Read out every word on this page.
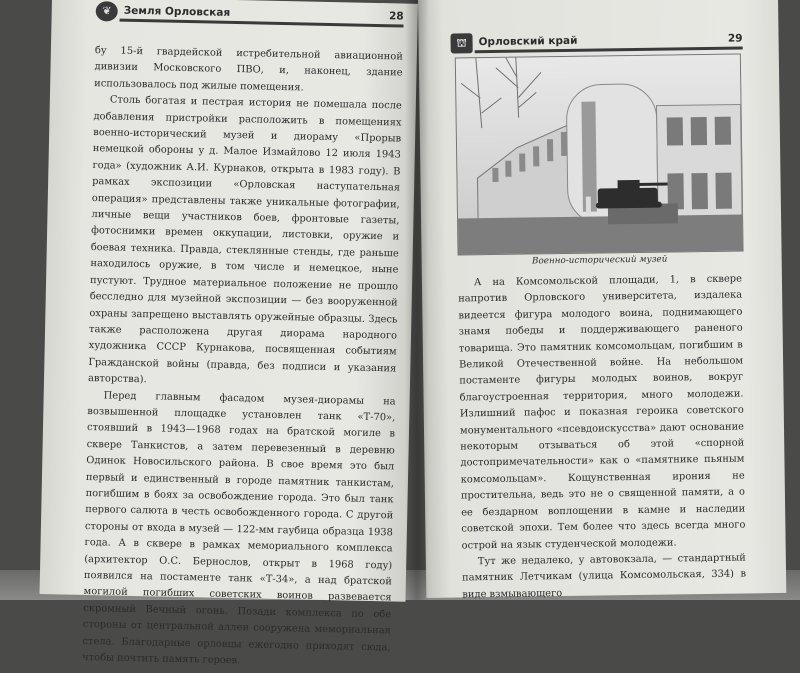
❦	Земля Орловская	28

бу 15-й гвардейской истребительной авиационной дивизии Московского ПВО, и, наконец, здание использовалось под жилые помещения.

Столь богатая и пестрая история не помешала после добавления пристройки расположить в помещениях военно-исторический музей и диораму «Прорыв немецкой обороны у д. Малое Измайлово 12 июля 1943 года» (художник А.И. Курнаков, открыта в 1983 году). В рамках экспозиции «Орловская наступательная операция» представлены также уникальные фотографии, личные вещи участников боев, фронтовые газеты, фотоснимки времен оккупации, листовки, оружие и боевая техника. Правда, стеклянные стенды, где раньше находилось оружие, в том числе и немецкое, ныне пустуют. Трудное материальное положение не прошло бесследно для музейной экспозиции — без вооруженной охраны запрещено выставлять оружейные образцы. Здесь также расположена другая диорама народного художника СССР Курнакова, посвященная событиям Гражданской войны (правда, без подписи и указания авторства).

Перед главным фасадом музея-диорамы на возвышенной площадке установлен танк «Т-70», стоявший в 1943—1968 годах на братской могиле в сквере Танкистов, а затем перевезенный в деревню Одинок Новосильского района. В свое время это был первый и единственный в городе памятник танкистам, погибшим в боях за освобождение города. Это был танк первого салюта в честь освобожденного города. С другой стороны от входа в музей — 122-мм гаубица образца 1938 года. А в сквере в рамках мемориального комплекса (архитектор О.С. Бернослов, открыт в 1968 году) появился на постаменте танк «Т-34», а над братской могилой погибших советских воинов развевается скромный Вечный огонь. Позади комплекса по обе стороны от центральной аллеи сооружена мемориальная стела. Благодарные орловцы ежегодно приходят сюда, чтобы почтить память героев.

⛫	Орловский край	29
Военно-исторический музей

А на Комсомольской площади, 1, в сквере напротив Орловского университета, издалека видеется фигура молодого воина, поднимающего знамя победы и поддерживающего раненого товарища. Это памятник комсомольцам, погибшим в Великой Отечественной войне. На небольшом постаменте фигуры молодых воинов, вокруг благоустроенная территория, много молодежи. Излишний пафос и показная героика советского монументального «псевдоискусства» дают основание некоторым отзываться об этой «спорной достопримечательности» как о «памятнике пьяным комсомольцам». Кощунственная ирония не простительна, ведь это не о священной памяти, а о ее бездарном воплощении в камне и наследии советской эпохи. Тем более что здесь всегда много острой на язык студенческой молодежи.

Тут же недалеко, у автовокзала, — стандартный памятник Летчикам (улица Комсомольская, 334) в виде взмывающего
